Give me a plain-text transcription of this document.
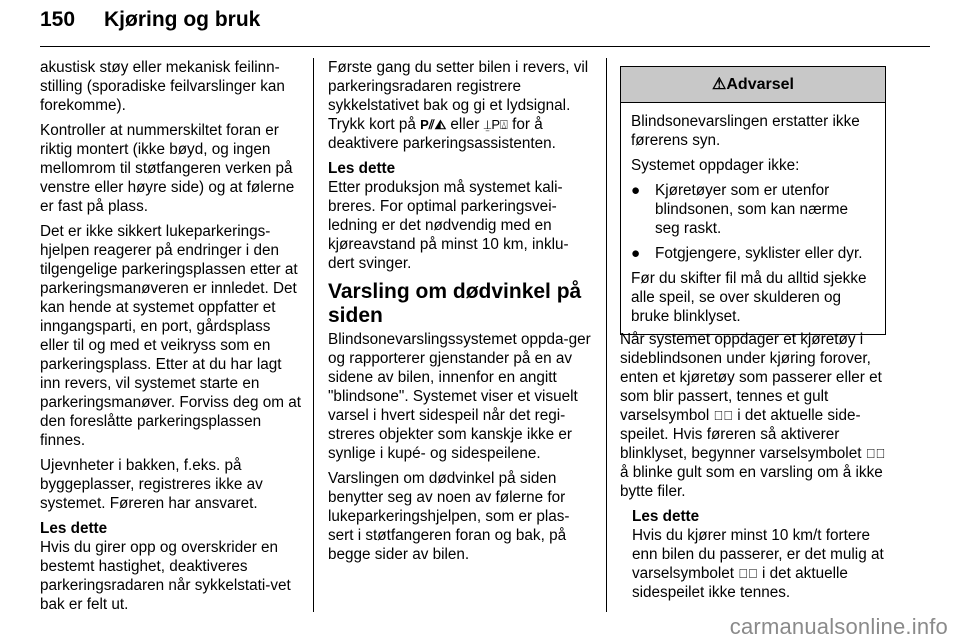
150 Kjøring og bruk

akustisk støy eller mekanisk feilinn-stilling (sporadiske feilvarslinger kan forekomme).

Kontroller at nummerskiltet foran er riktig montert (ikke bøyd, og ingen mellomrom til støtfangeren verken på venstre eller høyre side) og at følerne er fast på plass.

Det er ikke sikkert lukeparkerings-hjelpen reagerer på endringer i den tilgengelige parkeringsplassen etter at parkeringsmanøveren er innledet. Det kan hende at systemet oppfatter et inngangsparti, en port, gårdsplass eller til og med et veikryss som en parkeringsplass. Etter at du har lagt inn revers, vil systemet starte en parkeringsmanøver. Forviss deg om at den foreslåtte parkeringsplassen finnes.

Ujevnheter i bakken, f.eks. på byggeplasser, registreres ikke av systemet. Føreren har ansvaret.

Les dette
Hvis du girer opp og overskrider en bestemt hastighet, deaktiveres parkeringsradaren når sykkelstati-vet bak er felt ut.

Første gang du setter bilen i revers, vil parkeringsradaren registrere sykkelstativet bak og gi et lydsignal. Trykk kort på P⫽◭ eller ⍊P⍍ for å deaktivere parkeringsassistenten.

Les dette
Etter produksjon må systemet kali-breres. For optimal parkeringsvei-ledning er det nødvendig med en kjøreavstand på minst 10 km, inklu-dert svinger.

Varsling om dødvinkel på siden

Blindsonevarslingssystemet oppda-ger og rapporterer gjenstander på en av sidene av bilen, innenfor en angitt "blindsone". Systemet viser et visuelt varsel i hvert sidespeil når det regi-streres objekter som kanskje ikke er synlige i kupé- og sidespeilene.

Varslingen om dødvinkel på siden benytter seg av noen av følerne for lukeparkeringshjelpen, som er plas-sert i støtfangeren foran og bak, på begge sider av bilen.

⚠Advarsel

Blindsonevarslingen erstatter ikke førerens syn.

Systemet oppdager ikke:

● Kjøretøyer som er utenfor blindsonen, som kan nærme seg raskt.
● Fotgjengere, syklister eller dyr.

Før du skifter fil må du alltid sjekke alle speil, se over skulderen og bruke blinklyset.

Når systemet oppdager et kjøretøy i sideblindsonen under kjøring forover, enten et kjøretøy som passerer eller et som blir passert, tennes et gult varselsymbol ⁂⃞ i det aktuelle side-speilet. Hvis føreren så aktiverer blinklyset, begynner varselsymbolet ⁂⃞ å blinke gult som en varsling om å ikke bytte filer.

Les dette
Hvis du kjører minst 10 km/t fortere enn bilen du passerer, er det mulig at varselsymbolet ⁂⃞ i det aktuelle sidespeilet ikke tennes.

carmanualsonline.info
